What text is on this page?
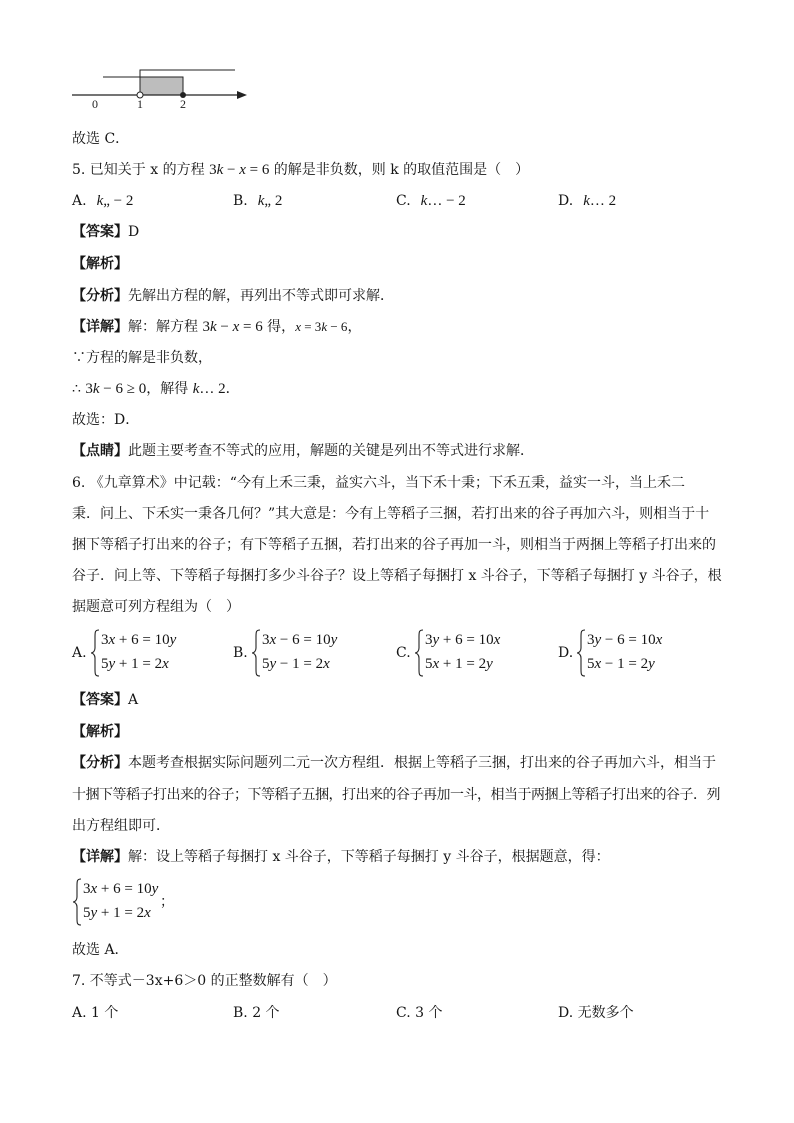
0	1	2
故选 C．
5. 已知关于 x 的方程 3k − x = 6 的解是非负数，则 k 的取值范围是（　）
A. k„ − 2	B. k„ 2	C. k… − 2	D. k… 2
【答案】D
【解析】
【分析】先解出方程的解，再列出不等式即可求解．
【详解】解：解方程 3k − x = 6 得，x = 3k − 6，
∵方程的解是非负数，
∴ 3k − 6 ≥ 0，解得 k… 2．
故选：D．
【点睛】此题主要考查不等式的应用，解题的关键是列出不等式进行求解．
6. 《九章算术》中记载：“今有上禾三秉，益实六斗，当下禾十秉；下禾五秉，益实一斗，当上禾二
秉．问上、下禾实一秉各几何？”其大意是：今有上等稻子三捆，若打出来的谷子再加六斗，则相当于十
捆下等稻子打出来的谷子；有下等稻子五捆，若打出来的谷子再加一斗，则相当于两捆上等稻子打出来的
谷子．问上等、下等稻子每捆打多少斗谷子？设上等稻子每捆打 x 斗谷子，下等稻子每捆打 y 斗谷子，根
据题意可列方程组为（　）
A.
3x + 6 = 10y
5y + 1 = 2x
B.
3x − 6 = 10y
5y − 1 = 2x
C.
3y + 6 = 10x
5x + 1 = 2y
D.
3y − 6 = 10x
5x − 1 = 2y
【答案】A
【解析】
【分析】本题考查根据实际问题列二元一次方程组．根据上等稻子三捆，打出来的谷子再加六斗，相当于
十捆下等稻子打出来的谷子；下等稻子五捆，打出来的谷子再加一斗，相当于两捆上等稻子打出来的谷子．列
出方程组即可．
【详解】解：设上等稻子每捆打 x 斗谷子，下等稻子每捆打 y 斗谷子，根据题意，得：
3x + 6 = 10y
5y + 1 = 2x
；
故选 A．
7. 不等式－3x+6＞0 的正整数解有（　）
A. 1 个	B. 2 个	C. 3 个	D. 无数多个
